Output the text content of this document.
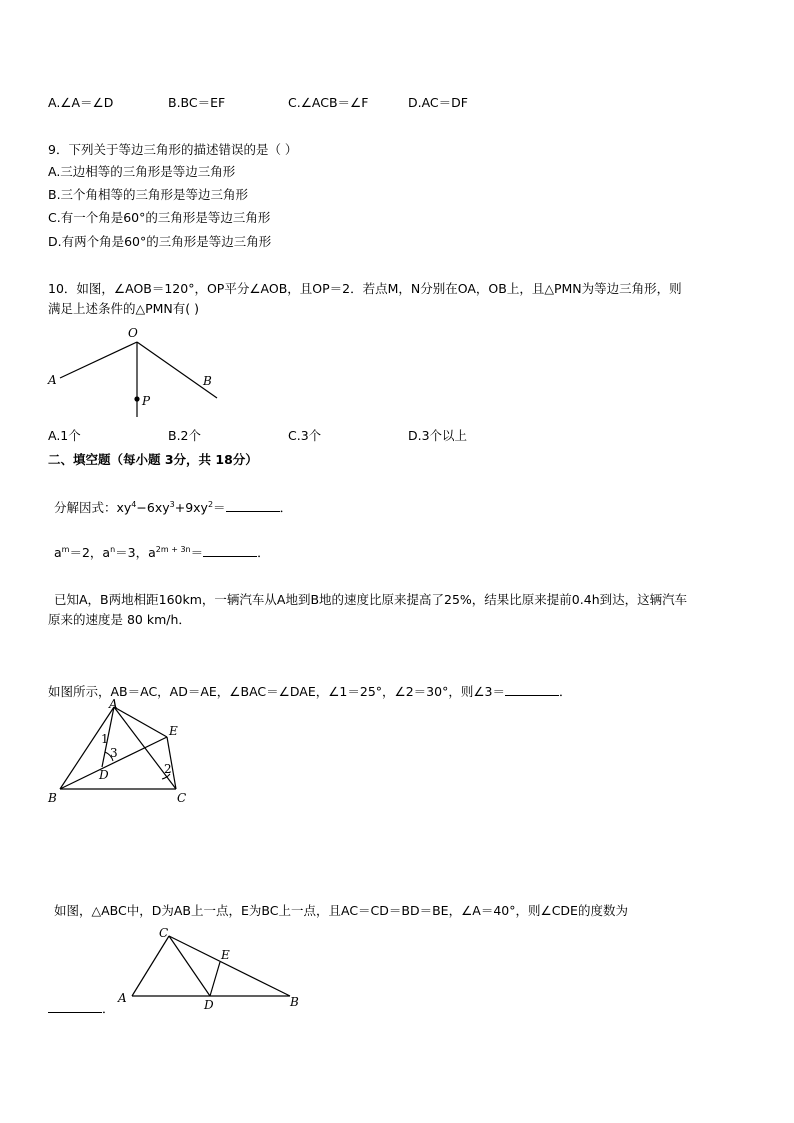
A.∠A＝∠D	B.BC＝EF	C.∠ACB＝∠F	D.AC＝DF
9．下列关于等边三角形的描述错误的是（ ）
A.三边相等的三角形是等边三角形
B.三个角相等的三角形是等边三角形
C.有一个角是60°的三角形是等边三角形
D.有两个角是60°的三角形是等边三角形
10．如图，∠AOB＝120°，OP平分∠AOB，且OP＝2．若点M，N分别在OA，OB上，且△PMN为等边三角形，则
满足上述条件的△PMN有( )
O
A	B
P
A.1个	B.2个	C.3个	D.3个以上
二、填空题（每小题 3分，共 18分）
分解因式：$xy^4-6xy^3+9xy^2=$	．
$a^m=2$，$a^n=3$，$a^{2m + 3n}=$	．
已知A，B两地相距160km，一辆汽车从A地到B地的速度比原来提高了25%，结果比原来提前0.4h到达，这辆汽车
原来的速度是 80 km/h．
如图所示，AB＝AC，AD＝AE，∠BAC＝∠DAE，∠1＝25°，∠2＝30°，则∠3＝	．
A
B	C
D
E
1
3
2
如图，△ABC中，D为AB上一点，E为BC上一点，且AC＝CD＝BD＝BE，∠A＝40°，则∠CDE的度数为
C
E
A	D	B
．
